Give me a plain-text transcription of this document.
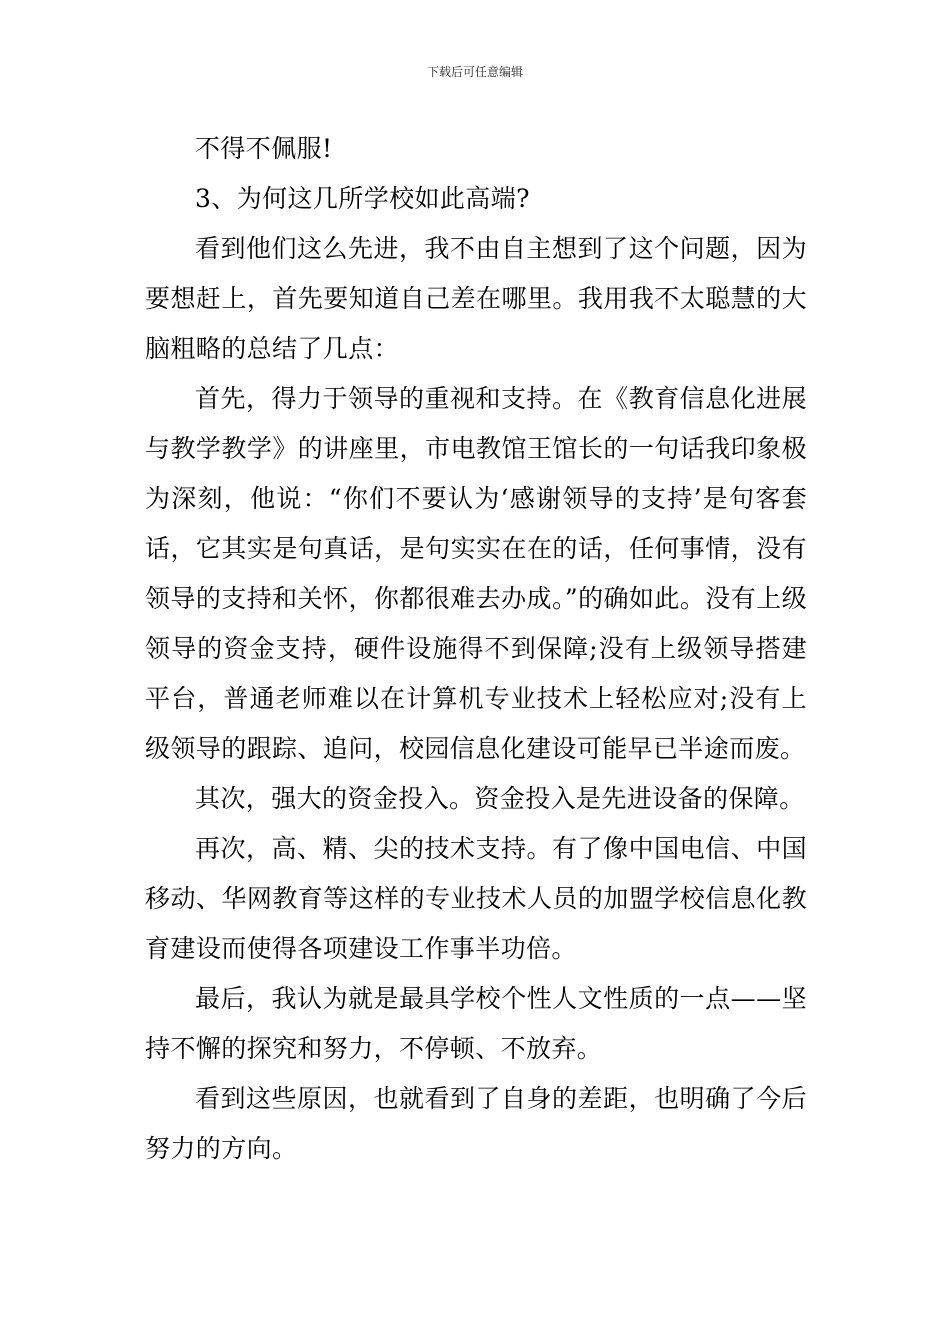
下载后可任意编辑

不得不佩服!

3、为何这几所学校如此高端?

看到他们这么先进，我不由自主想到了这个问题，因为要想赶上，首先要知道自己差在哪里。我用我不太聪慧的大脑粗略的总结了几点：

首先，得力于领导的重视和支持。在《教育信息化进展与教学教学》的讲座里，市电教馆王馆长的一句话我印象极为深刻，他说：“你们不要认为‘感谢领导的支持’是句客套话，它其实是句真话，是句实实在在的话，任何事情，没有领导的支持和关怀，你都很难去办成。”的确如此。没有上级领导的资金支持，硬件设施得不到保障;没有上级领导搭建平台，普通老师难以在计算机专业技术上轻松应对;没有上级领导的跟踪、追问，校园信息化建设可能早已半途而废。

其次，强大的资金投入。资金投入是先进设备的保障。

再次，高、精、尖的技术支持。有了像中国电信、中国移动、华网教育等这样的专业技术人员的加盟学校信息化教育建设而使得各项建设工作事半功倍。

最后，我认为就是最具学校个性人文性质的一点——坚持不懈的探究和努力，不停顿、不放弃。

看到这些原因，也就看到了自身的差距，也明确了今后努力的方向。
